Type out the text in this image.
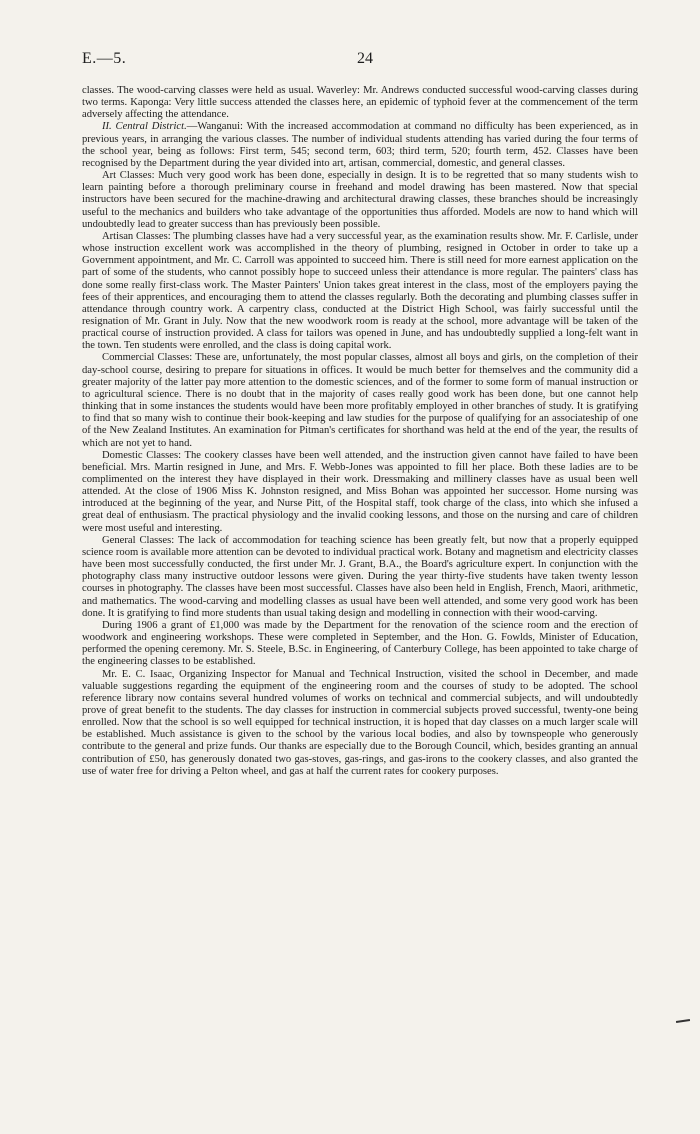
E.—5.	24

classes. The wood-carving classes were held as usual. Waverley: Mr. Andrews conducted successful wood-carving classes during two terms. Kaponga: Very little success attended the classes here, an epidemic of typhoid fever at the commencement of the term adversely affecting the attendance.

II. Central District.—Wanganui: With the increased accommodation at command no difficulty has been experienced, as in previous years, in arranging the various classes. The number of individual students attending has varied during the four terms of the school year, being as follows: First term, 545; second term, 603; third term, 520; fourth term, 452. Classes have been recognised by the Department during the year divided into art, artisan, commercial, domestic, and general classes.

Art Classes: Much very good work has been done, especially in design. It is to be regretted that so many students wish to learn painting before a thorough preliminary course in freehand and model drawing has been mastered. Now that special instructors have been secured for the machine-drawing and architectural drawing classes, these branches should be increasingly useful to the mechanics and builders who take advantage of the opportunities thus afforded. Models are now to hand which will undoubtedly lead to greater success than has previously been possible.

Artisan Classes: The plumbing classes have had a very successful year, as the examination results show. Mr. F. Carlisle, under whose instruction excellent work was accomplished in the theory of plumbing, resigned in October in order to take up a Government appointment, and Mr. C. Carroll was appointed to succeed him. There is still need for more earnest application on the part of some of the students, who cannot possibly hope to succeed unless their attendance is more regular. The painters' class has done some really first-class work. The Master Painters' Union takes great interest in the class, most of the employers paying the fees of their apprentices, and encouraging them to attend the classes regularly. Both the decorating and plumbing classes suffer in attendance through country work. A carpentry class, conducted at the District High School, was fairly successful until the resignation of Mr. Grant in July. Now that the new woodwork room is ready at the school, more advantage will be taken of the practical course of instruction provided. A class for tailors was opened in June, and has undoubtedly supplied a long-felt want in the town. Ten students were enrolled, and the class is doing capital work.

Commercial Classes: These are, unfortunately, the most popular classes, almost all boys and girls, on the completion of their day-school course, desiring to prepare for situations in offices. It would be much better for themselves and the community did a greater majority of the latter pay more attention to the domestic sciences, and of the former to some form of manual instruction or to agricultural science. There is no doubt that in the majority of cases really good work has been done, but one cannot help thinking that in some instances the students would have been more profitably employed in other branches of study. It is gratifying to find that so many wish to continue their book-keeping and law studies for the purpose of qualifying for an associateship of one of the New Zealand Institutes. An examination for Pitman's certificates for shorthand was held at the end of the year, the results of which are not yet to hand.

Domestic Classes: The cookery classes have been well attended, and the instruction given cannot have failed to have been beneficial. Mrs. Martin resigned in June, and Mrs. F. Webb-Jones was appointed to fill her place. Both these ladies are to be complimented on the interest they have displayed in their work. Dressmaking and millinery classes have as usual been well attended. At the close of 1906 Miss K. Johnston resigned, and Miss Bohan was appointed her successor. Home nursing was introduced at the beginning of the year, and Nurse Pitt, of the Hospital staff, took charge of the class, into which she infused a great deal of enthusiasm. The practical physiology and the invalid cooking lessons, and those on the nursing and care of children were most useful and interesting.

General Classes: The lack of accommodation for teaching science has been greatly felt, but now that a properly equipped science room is available more attention can be devoted to individual practical work. Botany and magnetism and electricity classes have been most successfully conducted, the first under Mr. J. Grant, B.A., the Board's agriculture expert. In conjunction with the photography class many instructive outdoor lessons were given. During the year thirty-five students have taken twenty lesson courses in photography. The classes have been most successful. Classes have also been held in English, French, Maori, arithmetic, and mathematics. The wood-carving and modelling classes as usual have been well attended, and some very good work has been done. It is gratifying to find more students than usual taking design and modelling in connection with their wood-carving.

During 1906 a grant of £1,000 was made by the Department for the renovation of the science room and the erection of woodwork and engineering workshops. These were completed in September, and the Hon. G. Fowlds, Minister of Education, performed the opening ceremony. Mr. S. Steele, B.Sc. in Engineering, of Canterbury College, has been appointed to take charge of the engineering classes to be established.

Mr. E. C. Isaac, Organizing Inspector for Manual and Technical Instruction, visited the school in December, and made valuable suggestions regarding the equipment of the engineering room and the courses of study to be adopted. The school reference library now contains several hundred volumes of works on technical and commercial subjects, and will undoubtedly prove of great benefit to the students. The day classes for instruction in commercial subjects proved successful, twenty-one being enrolled. Now that the school is so well equipped for technical instruction, it is hoped that day classes on a much larger scale will be established. Much assistance is given to the school by the various local bodies, and also by townspeople who generously contribute to the general and prize funds. Our thanks are especially due to the Borough Council, which, besides granting an annual contribution of £50, has generously donated two gas-stoves, gas-rings, and gas-irons to the cookery classes, and also granted the use of water free for driving a Pelton wheel, and gas at half the current rates for cookery purposes.
